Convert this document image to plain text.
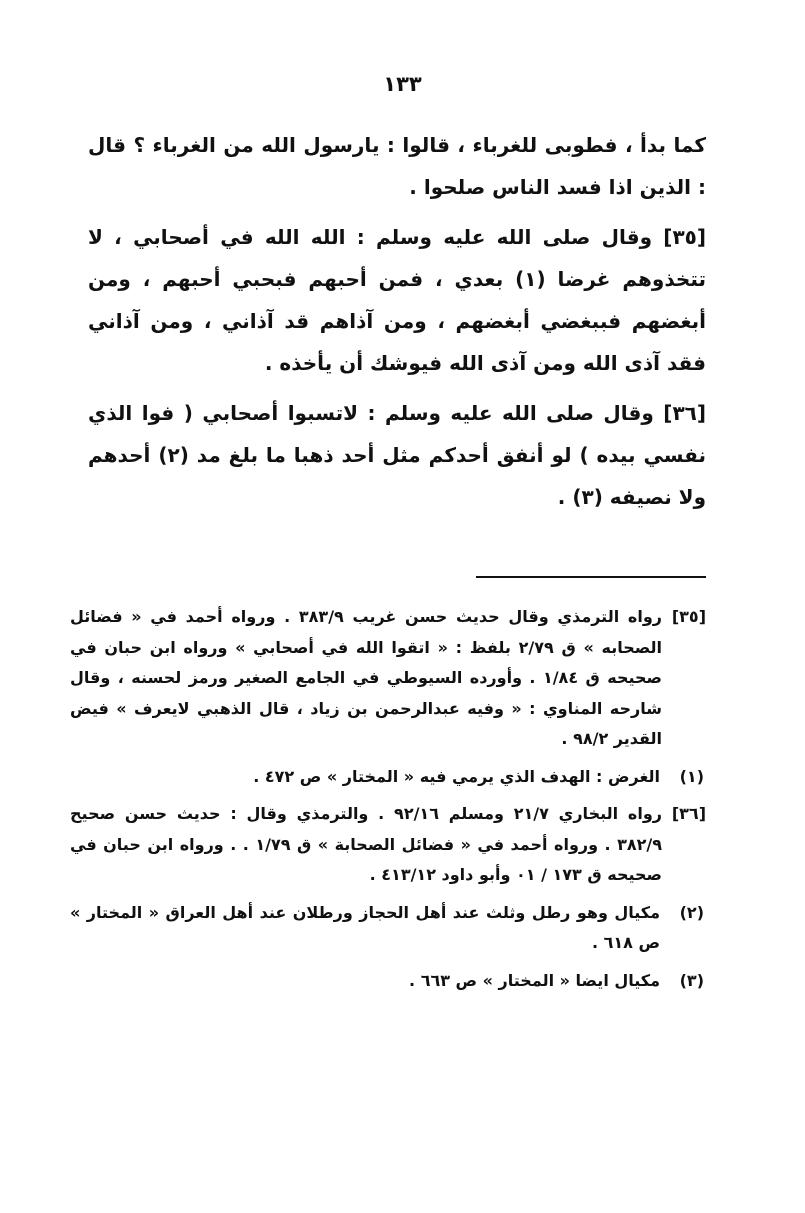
١٣٣

كما بدأ ، فطوبى للغرباء ، قالوا : يارسول الله من الغرباء ؟ قال : الذين اذا فسد الناس صلحوا .

[٣٥] وقال صلى الله عليه وسلم : الله الله في أصحابي ، لا تتخذوهم غرضا (١) بعدي ، فمن أحبهم فبحبي أحبهم ، ومن أبغضهم فببغضي أبغضهم ، ومن آذاهم قد آذاني ، ومن آذاني فقد آذى الله ومن آذى الله فيوشك أن يأخذه .

[٣٦] وقال صلى الله عليه وسلم : لاتسبوا أصحابي ( فوا الذي نفسي بيده ) لو أنفق أحدكم مثل أحد ذهبا ما بلغ مد (٢) أحدهم ولا نصيفه (٣) .

[٣٥]
رواه الترمذي وقال حديث حسن غريب ٣٨٣/٩ . ورواه أحمد في « فضائل الصحابه » ق ٢/٧٩ بلفظ : « اتقوا الله في أصحابي » ورواه ابن حبان في صحيحه ق ١/٨٤ . وأورده السيوطي في الجامع الصغير ورمز لحسنه ، وقال شارحه المناوي : « وفيه عبدالرحمن بن زياد ، قال الذهبي لايعرف » فيض القدير ٩٨/٢ .
(١)
الغرض : الهدف الذي يرمي فيه « المختار » ص ٤٧٢ .
[٣٦]
رواه البخاري ٢١/٧ ومسلم ٩٢/١٦ . والترمذي وقال : حديث حسن صحيح ٣٨٢/٩ . ورواه أحمد في « فضائل الصحابة » ق ١/٧٩ . . ورواه ابن حبان في صحيحه ق ١٧٣ / ٠١ وأبو داود ٤١٣/١٢ .
(٢)
مكيال وهو رطل وثلث عند أهل الحجاز ورطلان عند أهل العراق « المختار » ص ٦١٨ .
(٣)
مكيال ايضا « المختار » ص ٦٦٣ .
